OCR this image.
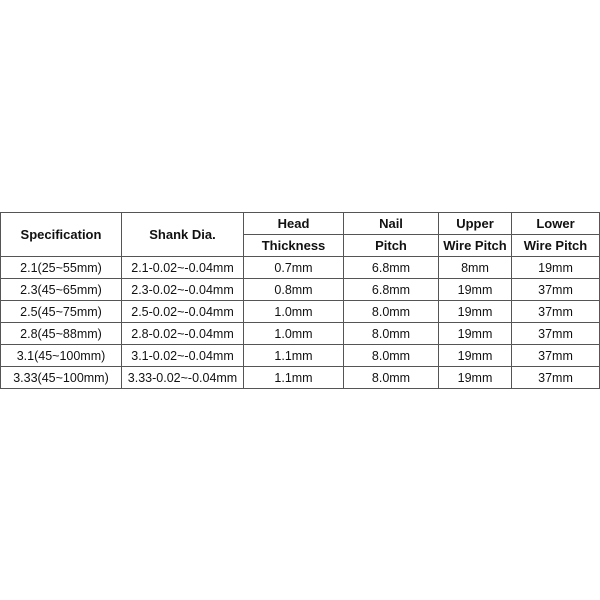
Specification	Shank Dia.	Head	Nail	Upper	Lower
		Thickness	Pitch	Wire Pitch	Wire Pitch
2.1(25~55mm)	2.1-0.02~-0.04mm	0.7mm	6.8mm	8mm	19mm
2.3(45~65mm)	2.3-0.02~-0.04mm	0.8mm	6.8mm	19mm	37mm
2.5(45~75mm)	2.5-0.02~-0.04mm	1.0mm	8.0mm	19mm	37mm
2.8(45~88mm)	2.8-0.02~-0.04mm	1.0mm	8.0mm	19mm	37mm
3.1(45~100mm)	3.1-0.02~-0.04mm	1.1mm	8.0mm	19mm	37mm
3.33(45~100mm)	3.33-0.02~-0.04mm	1.1mm	8.0mm	19mm	37mm
